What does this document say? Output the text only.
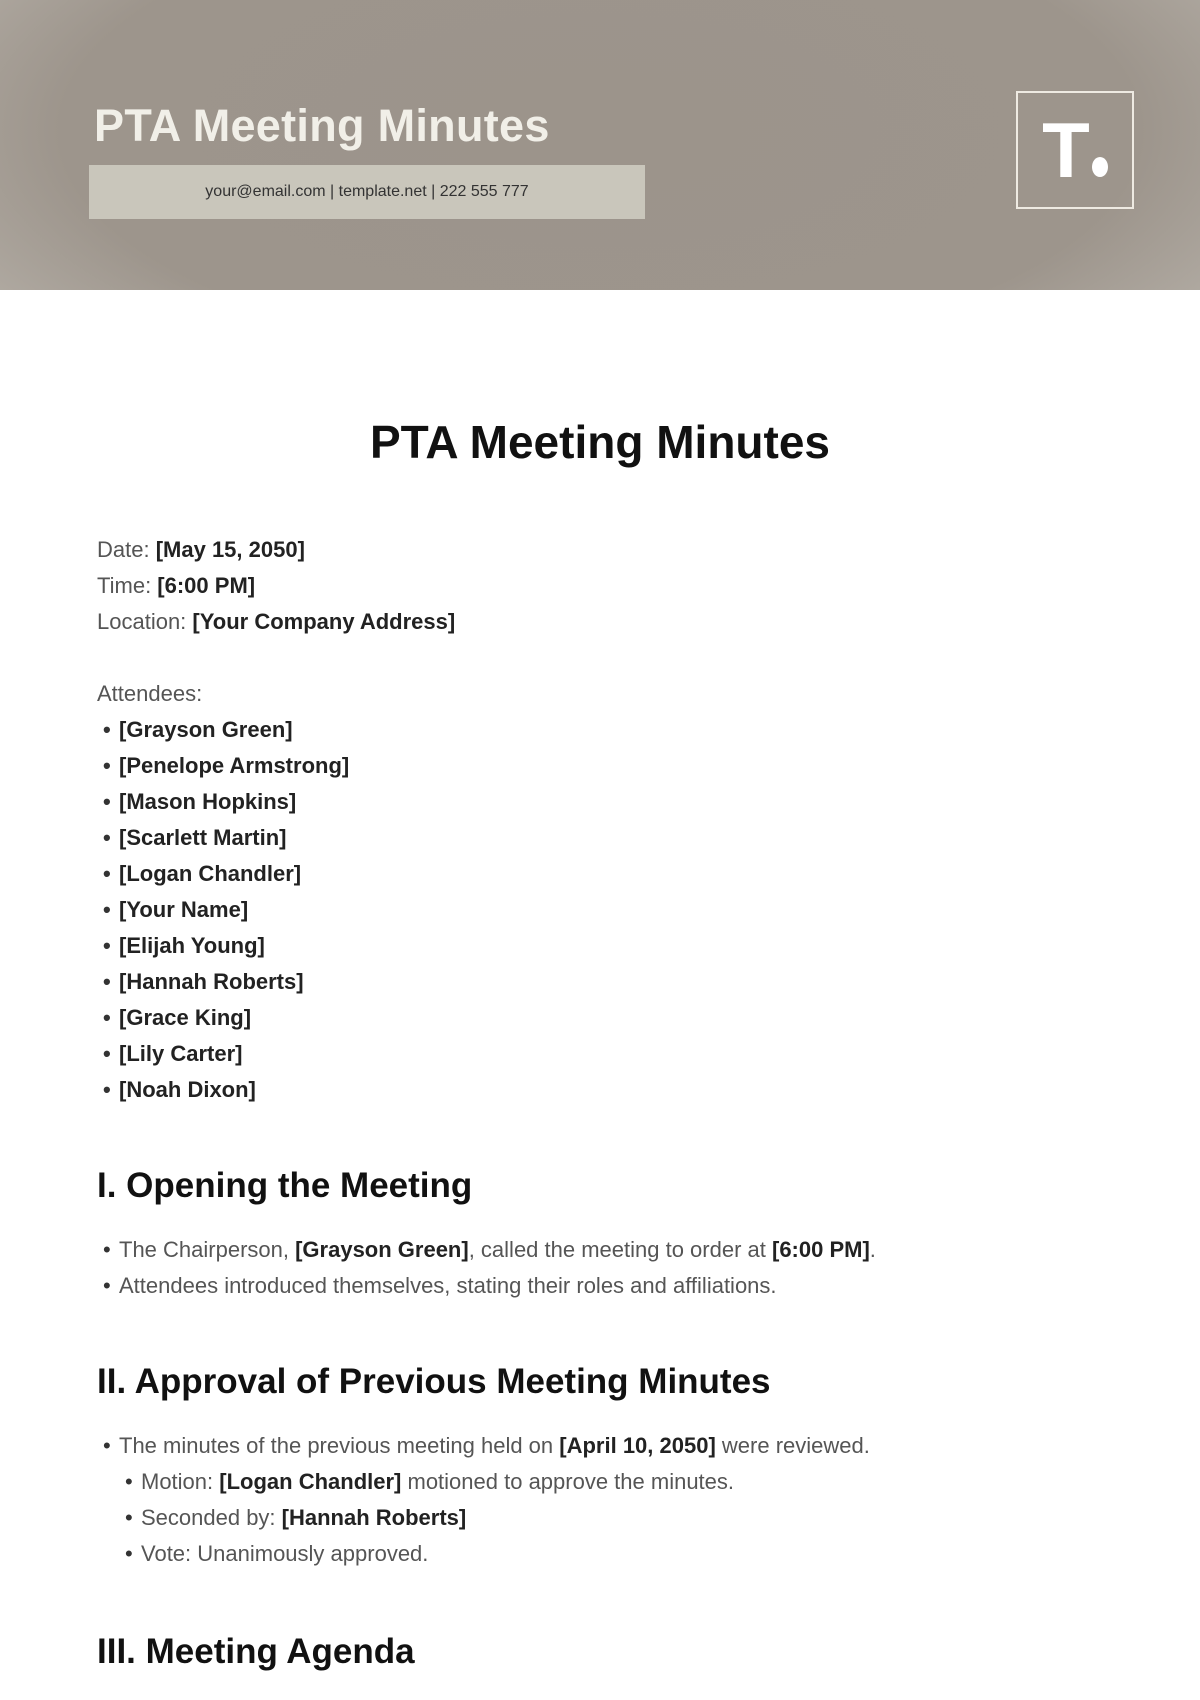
PTA Meeting Minutes
your@email.com | template.net | 222 555 777	T
PTA Meeting Minutes
Date: [May 15, 2050]
Time: [6:00 PM]
Location: [Your Company Address]
Attendees:
• [Grayson Green]
• [Penelope Armstrong]
• [Mason Hopkins]
• [Scarlett Martin]
• [Logan Chandler]
• [Your Name]
• [Elijah Young]
• [Hannah Roberts]
• [Grace King]
• [Lily Carter]
• [Noah Dixon]
I. Opening the Meeting
• The Chairperson, [Grayson Green], called the meeting to order at [6:00 PM].
• Attendees introduced themselves, stating their roles and affiliations.
II. Approval of Previous Meeting Minutes
• The minutes of the previous meeting held on [April 10, 2050] were reviewed.
• Motion: [Logan Chandler] motioned to approve the minutes.
• Seconded by: [Hannah Roberts]
• Vote: Unanimously approved.
III. Meeting Agenda
